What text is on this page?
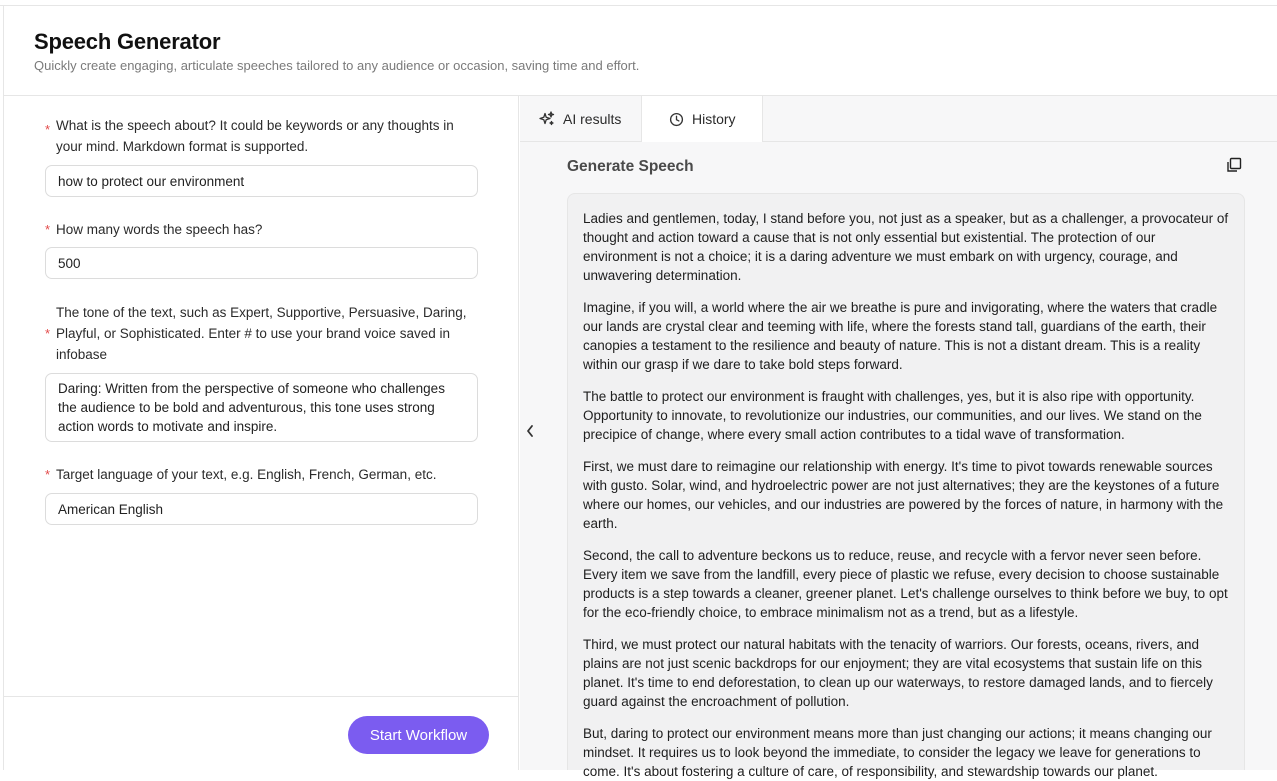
Speech Generator
Quickly create engaging, articulate speeches tailored to any audience or occasion, saving time and effort.
* What is the speech about? It could be keywords or any thoughts in your mind. Markdown format is supported.
how to protect our environment
* How many words the speech has?
500
*
The tone of the text, such as Expert, Supportive, Persuasive, Daring, Playful, or Sophisticated. Enter # to use your brand voice saved in infobase
Daring: Written from the perspective of someone who challenges the audience to be bold and adventurous, this tone uses strong action words to motivate and inspire.
* Target language of your text, e.g. English, French, German, etc.
American English
Start Workflow
AI results	History
Generate Speech

Ladies and gentlemen, today, I stand before you, not just as a speaker, but as a challenger, a provocateur of thought and action toward a cause that is not only essential but existential. The protection of our environment is not a choice; it is a daring adventure we must embark on with urgency, courage, and unwavering determination.

Imagine, if you will, a world where the air we breathe is pure and invigorating, where the waters that cradle our lands are crystal clear and teeming with life, where the forests stand tall, guardians of the earth, their canopies a testament to the resilience and beauty of nature. This is not a distant dream. This is a reality within our grasp if we dare to take bold steps forward.

The battle to protect our environment is fraught with challenges, yes, but it is also ripe with opportunity. Opportunity to innovate, to revolutionize our industries, our communities, and our lives. We stand on the precipice of change, where every small action contributes to a tidal wave of transformation.

First, we must dare to reimagine our relationship with energy. It's time to pivot towards renewable sources with gusto. Solar, wind, and hydroelectric power are not just alternatives; they are the keystones of a future where our homes, our vehicles, and our industries are powered by the forces of nature, in harmony with the earth.

Second, the call to adventure beckons us to reduce, reuse, and recycle with a fervor never seen before. Every item we save from the landfill, every piece of plastic we refuse, every decision to choose sustainable products is a step towards a cleaner, greener planet. Let's challenge ourselves to think before we buy, to opt for the eco-friendly choice, to embrace minimalism not as a trend, but as a lifestyle.

Third, we must protect our natural habitats with the tenacity of warriors. Our forests, oceans, rivers, and plains are not just scenic backdrops for our enjoyment; they are vital ecosystems that sustain life on this planet. It's time to end deforestation, to clean up our waterways, to restore damaged lands, and to fiercely guard against the encroachment of pollution.

But, daring to protect our environment means more than just changing our actions; it means changing our mindset. It requires us to look beyond the immediate, to consider the legacy we leave for generations to come. It's about fostering a culture of care, of responsibility, and stewardship towards our planet.
